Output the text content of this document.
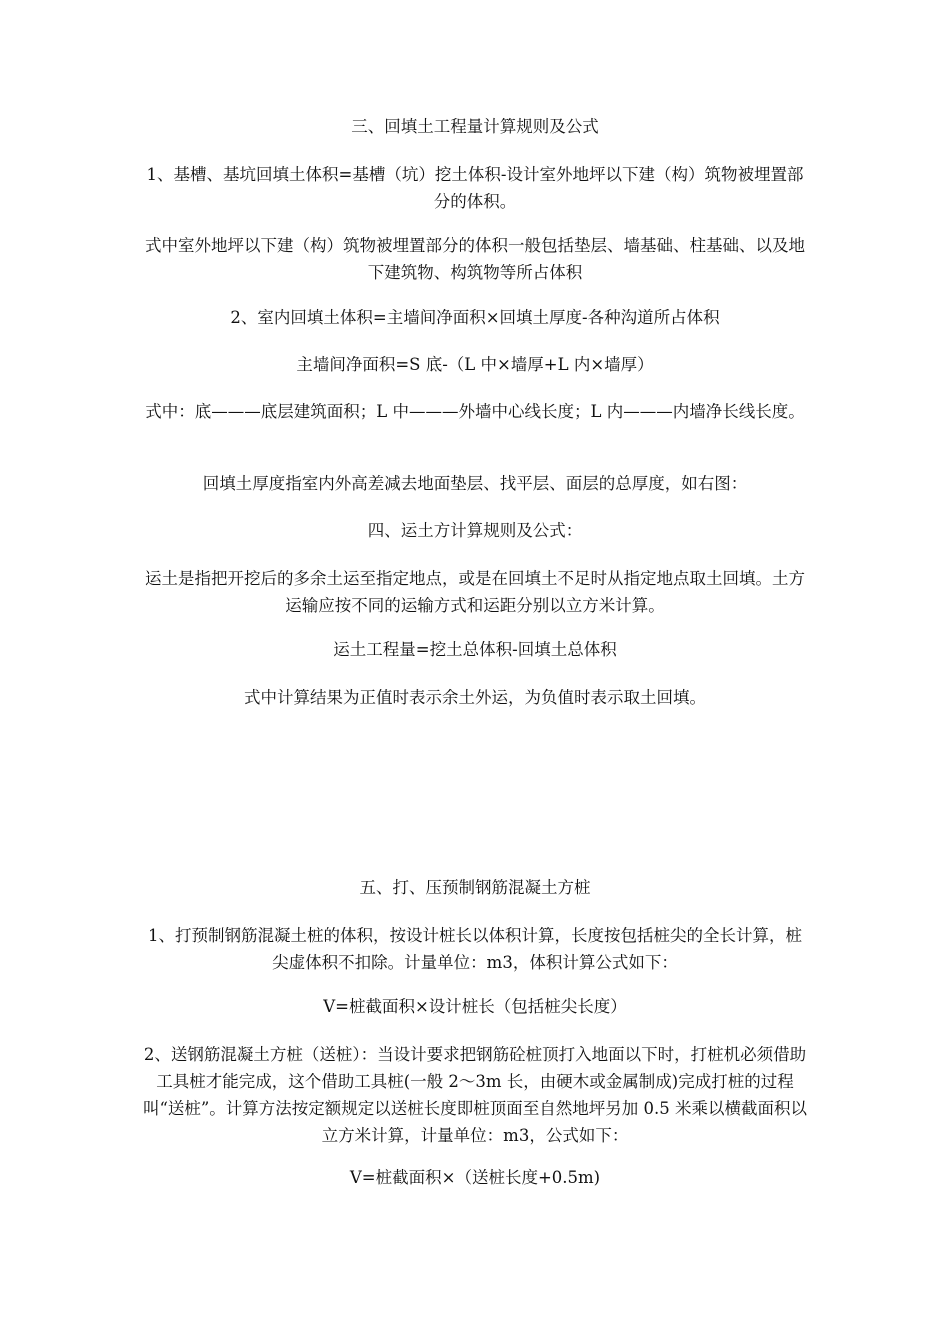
三、回填土工程量计算规则及公式
1、基槽、基坑回填土体积=基槽（坑）挖土体积-设计室外地坪以下建（构）筑物被埋置部分的体积。
式中室外地坪以下建（构）筑物被埋置部分的体积一般包括垫层、墙基础、柱基础、以及地下建筑物、构筑物等所占体积
2、室内回填土体积=主墙间净面积×回填土厚度-各种沟道所占体积
主墙间净面积=S 底-（L 中×墙厚+L 内×墙厚）
式中：底———底层建筑面积；L 中———外墙中心线长度；L 内———内墙净长线长度。
回填土厚度指室内外高差减去地面垫层、找平层、面层的总厚度，如右图：
四、运土方计算规则及公式：
运土是指把开挖后的多余土运至指定地点，或是在回填土不足时从指定地点取土回填。土方运输应按不同的运输方式和运距分别以立方米计算。
运土工程量=挖土总体积-回填土总体积
式中计算结果为正值时表示余土外运，为负值时表示取土回填。
五、打、压预制钢筋混凝土方桩
1、打预制钢筋混凝土桩的体积，按设计桩长以体积计算，长度按包括桩尖的全长计算，桩尖虚体积不扣除。计量单位：m3，体积计算公式如下：
V=桩截面积×设计桩长（包括桩尖长度）
2、送钢筋混凝土方桩（送桩）：当设计要求把钢筋砼桩顶打入地面以下时，打桩机必须借助工具桩才能完成，这个借助工具桩(一般 2～3m 长，由硬木或金属制成)完成打桩的过程叫“送桩”。计算方法按定额规定以送桩长度即桩顶面至自然地坪另加 0.5 米乘以横截面积以立方米计算，计量单位：m3，公式如下：
V=桩截面积×（送桩长度+0.5m)
